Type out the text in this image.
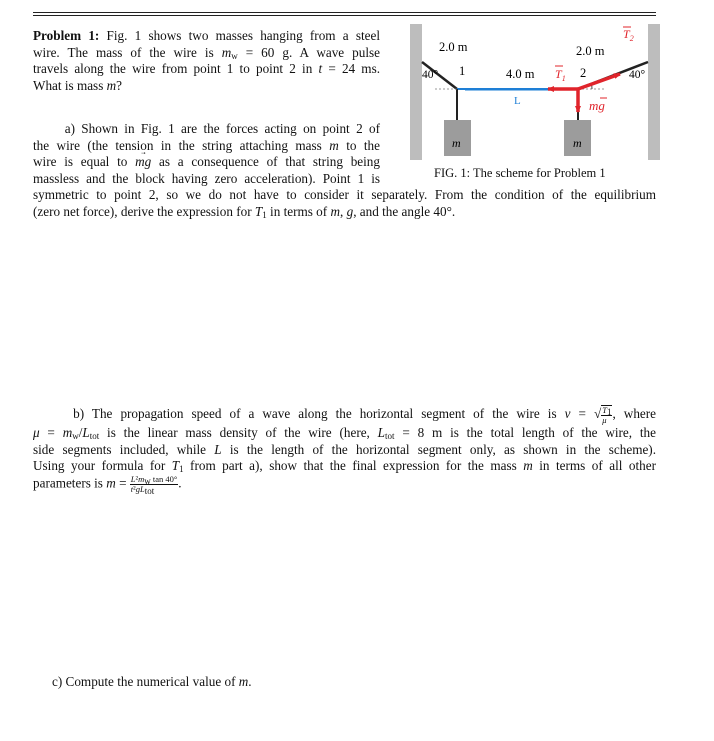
Problem 1: Fig. 1 shows two masses hanging from a steel
wire. The mass of the wire is $m_w = 60$ g. A wave pulse
travels along the wire from point 1 to point 2 in t = 24 ms.
What is mass m?
2.0 m	2.0 m
4.0 m
40°	40°
1	2
m	m
L
$T_1$
$T_2$
mg
FIG. 1: The scheme for Problem 1
a) Shown in Fig. 1 are the forces acting on point 2 of
the wire (the tension in the string attaching mass m to the
wire is equal to mg
as a consequence of that string being
massless and the block having zero acceleration). Point 1 is
symmetric to point 2, so we do not have to consider it separately. From the condition of the equilibrium
(zero net force), derive the expression for $T_1$ in terms of m, g, and the angle 40°.
b) The propagation speed of a wave along the horizontal segment of the wire is v = √ $\frac{T_1}{\mu}$ , where
$\mu = m_w/L_{tot}$ is the linear mass density of the wire (here, $L_{tot} = 8$ m is the total length of the wire, the
side segments included, while L is the length of the horizontal segment only, as shown in the scheme).
Using your formula for $T_1$ from part a), show that the final expression for the mass m in terms of all other
parameters is $m = \frac{L^2m_w \tan 40^\circ}{t^2gL_{tot}}$ .
c) Compute the numerical value of m.
